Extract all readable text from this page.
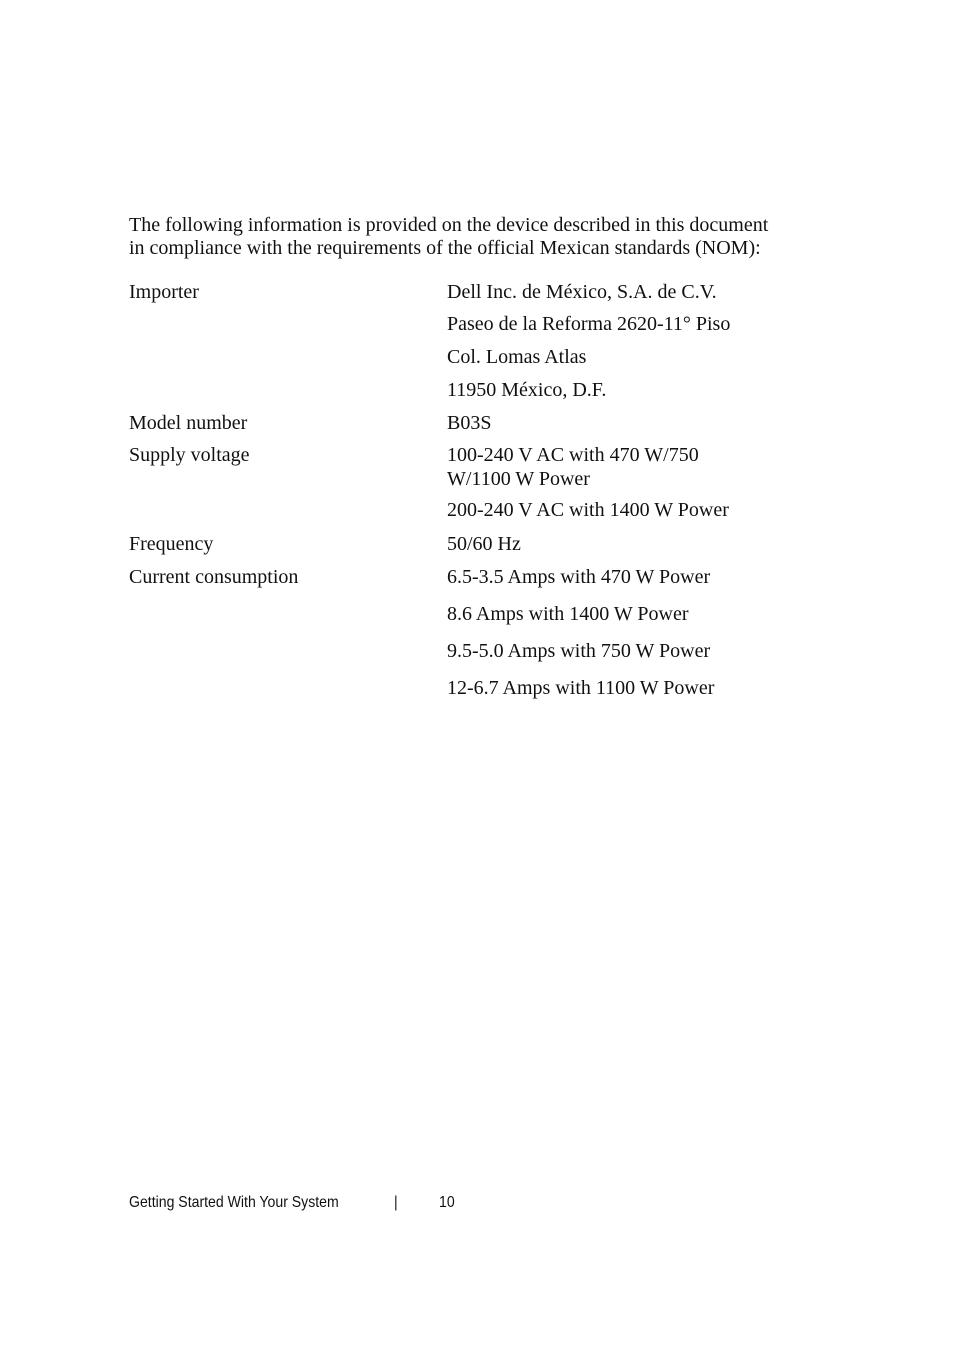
The following information is provided on the device described in this document

in compliance with the requirements of the official Mexican standards (NOM):

Importer	Dell Inc. de México, S.A. de C.V.
Paseo de la Reforma 2620-11° Piso
Col. Lomas Atlas
11950 México, D.F.
Model number	B03S
Supply voltage	100-240 V AC with 470 W/750
W/1100 W Power
200-240 V AC with 1400 W Power
Frequency	50/60 Hz
Current consumption	6.5-3.5 Amps with 470 W Power
8.6 Amps with 1400 W Power
9.5-5.0 Amps with 750 W Power
12-6.7 Amps with 1100 W Power
Getting Started With Your System	|	10
